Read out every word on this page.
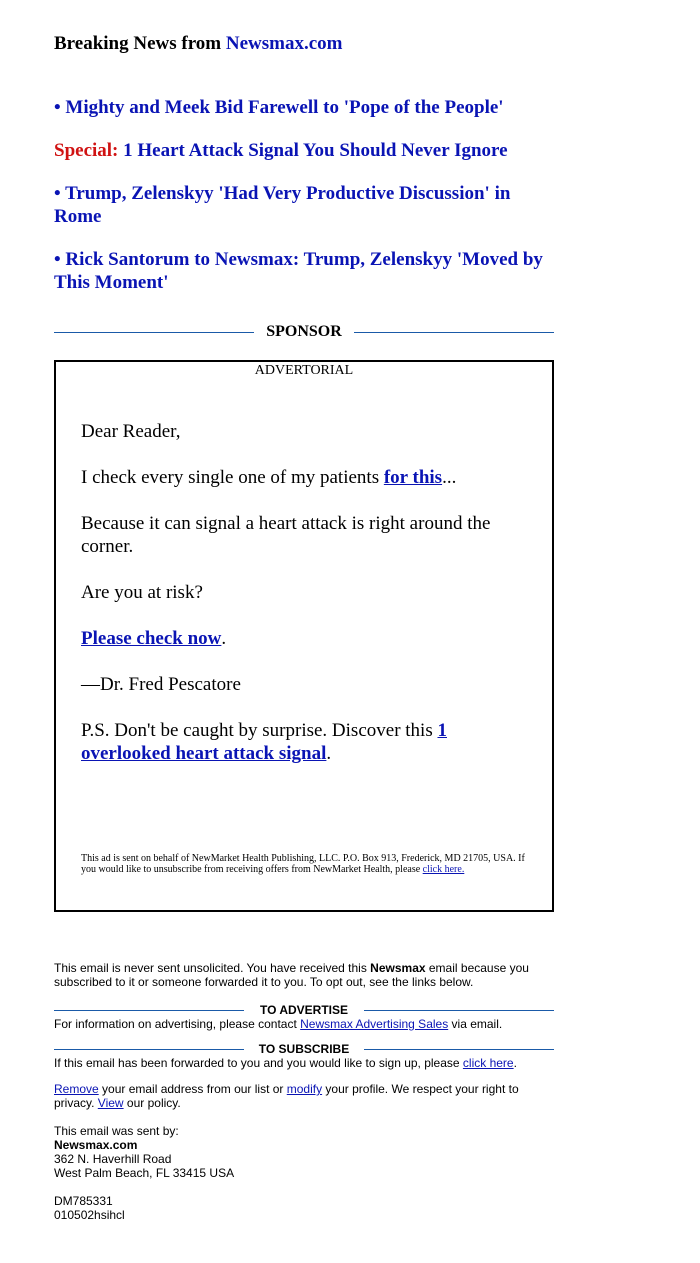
Breaking News from Newsmax.com
• Mighty and Meek Bid Farewell to 'Pope of the People'
Special: 1 Heart Attack Signal You Should Never Ignore
• Trump, Zelenskyy 'Had Very Productive Discussion' in Rome
• Rick Santorum to Newsmax: Trump, Zelenskyy 'Moved by This Moment'
SPONSOR
ADVERTORIAL
Dear Reader,
I check every single one of my patients for this...
Because it can signal a heart attack is right around the corner.
Are you at risk?
Please check now.
—Dr. Fred Pescatore
P.S. Don't be caught by surprise. Discover this 1 overlooked heart attack signal.
This ad is sent on behalf of NewMarket Health Publishing, LLC. P.O. Box 913, Frederick, MD 21705, USA. If you would like to unsubscribe from receiving offers from NewMarket Health, please click here.
This email is never sent unsolicited. You have received this Newsmax email because you subscribed to it or someone forwarded it to you. To opt out, see the links below.
TO ADVERTISE
For information on advertising, please contact Newsmax Advertising Sales via email.
TO SUBSCRIBE
If this email has been forwarded to you and you would like to sign up, please click here.
Remove your email address from our list or modify your profile. We respect your right to privacy. View our policy.
This email was sent by:
Newsmax.com
362 N. Haverhill Road
West Palm Beach, FL 33415 USA
DM785331
010502hsihcl
